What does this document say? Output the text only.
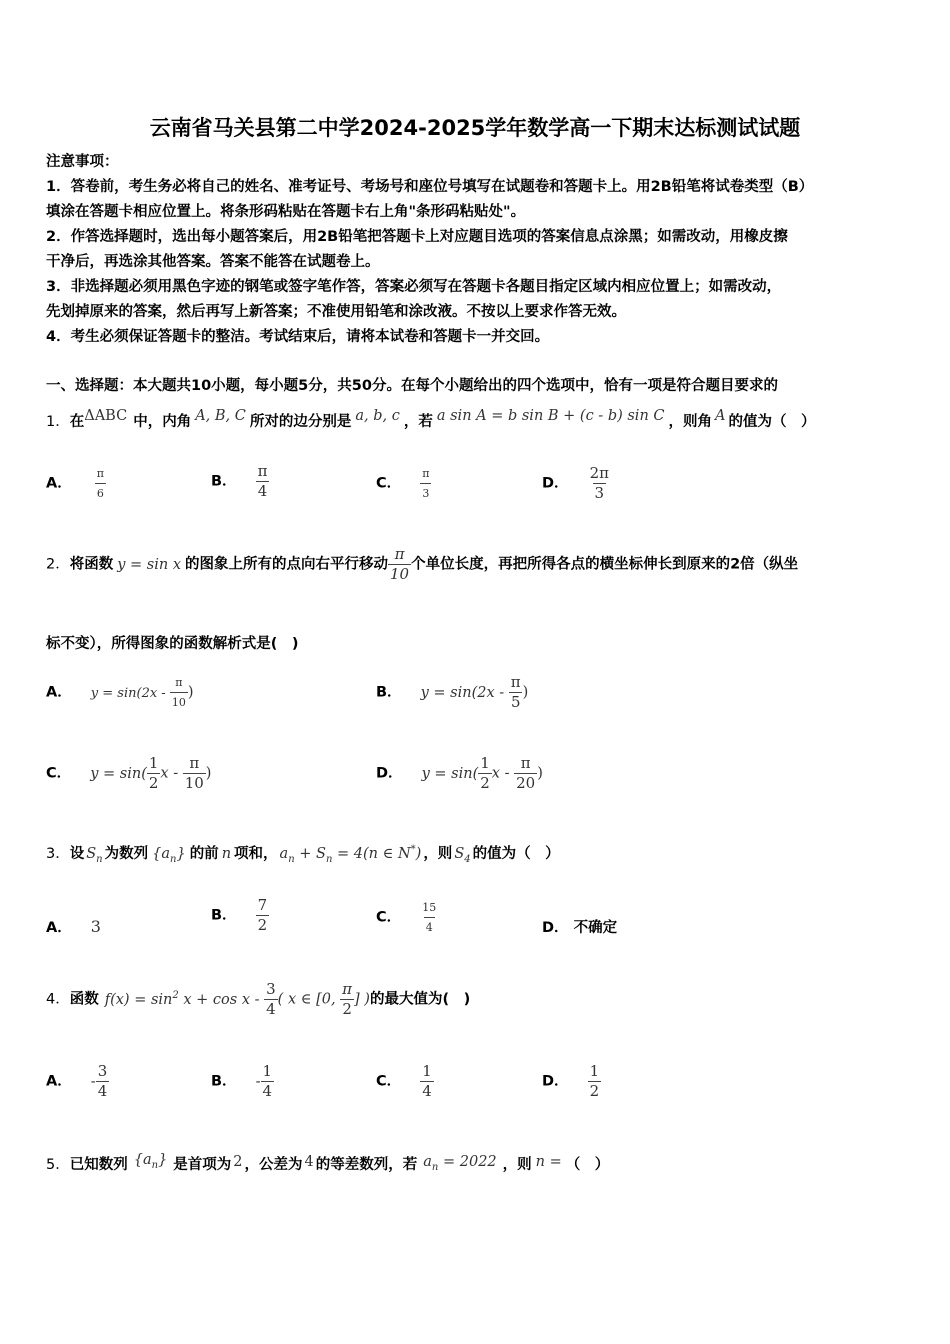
云南省马关县第二中学2024-2025学年数学高一下期末达标测试试题
注意事项：
1．答卷前，考生务必将自己的姓名、准考证号、考场号和座位号填写在试题卷和答题卡上。用2B铅笔将试卷类型（B）
填涂在答题卡相应位置上。将条形码粘贴在答题卡右上角"条形码粘贴处"。
2．作答选择题时，选出每小题答案后，用2B铅笔把答题卡上对应题目选项的答案信息点涂黑；如需改动，用橡皮擦
干净后，再选涂其他答案。答案不能答在试题卷上。
3．非选择题必须用黑色字迹的钢笔或签字笔作答，答案必须写在答题卡各题目指定区域内相应位置上；如需改动，
先划掉原来的答案，然后再写上新答案；不准使用铅笔和涂改液。不按以上要求作答无效。
4．考生必须保证答题卡的整洁。考试结束后，请将本试卷和答题卡一并交回。
一、选择题：本大题共10小题，每小题5分，共50分。在每个小题给出的四个选项中，恰有一项是符合题目要求的
1．在ΔABC 中，内角 A, B, C 所对的边分别是 a, b, c ，若 a sin A = b sin B + (c - b) sin C ，则角 A 的值为（　）
A． $\frac{\pi}{6}$	B． $\frac{\pi}{4}$	C． $\frac{\pi}{3}$	D． $\frac{2\pi}{3}$
2．将函数 y = sin x 的图象上所有的点向右平行移动 $\frac{\pi}{10}$ 个单位长度，再把所得各点的横坐标伸长到原来的2倍（纵坐
标不变），所得图象的函数解析式是(　)
A． $y = \sin(2x - \frac{\pi}{10}$ )	B． $y = \sin(2x - \frac{\pi}{5}$ )
C． $y = \sin( \frac{1}{2}$ x - $\frac{\pi}{10}$ )	D． $y = \sin( \frac{1}{2}$ x - $\frac{\pi}{20}$ )
3．设 $S_n$ 为数列 $\{a_n\}$ 的前 n 项和， $a_n + S_n = 4(n$ ∈ N*) ，则 $S_4$ 的值为（　）
A． 3
B． $\frac{7}{2}$	C． $\frac{15}{4}$	D． 不确定
4．函数 $f(x) = \sin^2 x + \cos x - \frac{3}{4}$ ( x ∈ [0, $\frac{\pi}{2}$ ] )的最大值为(　)
A． - $\frac{3}{4}$	B． - $\frac{1}{4}$	C． $\frac{1}{4}$	D． $\frac{1}{2}$
5．已知数列 $\{a_n\}$ 是首项为 2 ，公差为 4 的等差数列，若 $a_n = 2022$ ，则 n = （　）
